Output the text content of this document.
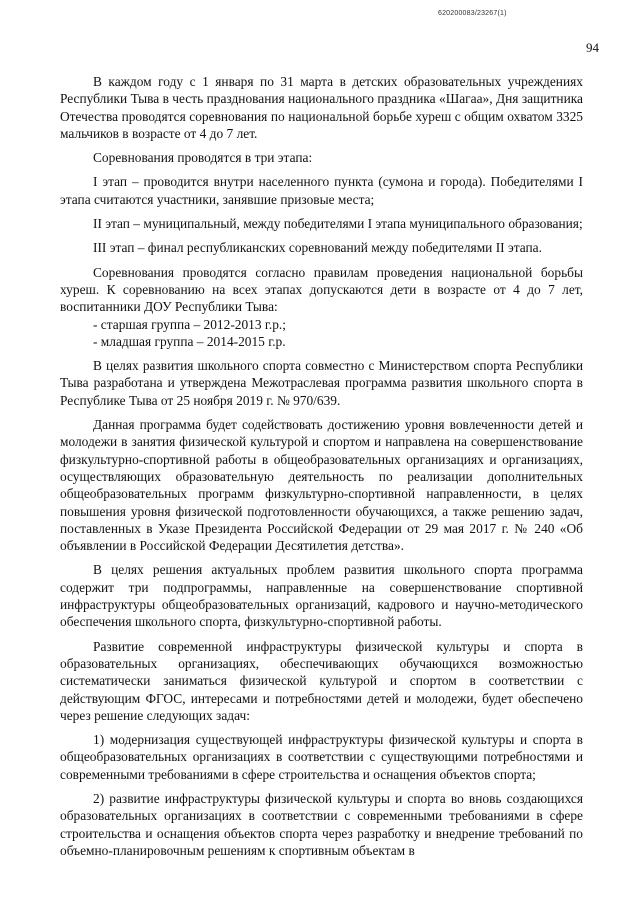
620200083/23267(1)
94

В каждом году с 1 января по 31 марта в детских образовательных учреждениях Республики Тыва в честь празднования национального праздника «Шагаа», Дня защитника Отечества проводятся соревнования по национальной борьбе хуреш с общим охватом 3325 мальчиков в возрасте от 4 до 7 лет.

Соревнования проводятся в три этапа:

I этап – проводится внутри населенного пункта (сумона и города). Победителями I этапа считаются участники, занявшие призовые места;

II этап – муниципальный, между победителями I этапа муниципального образования;

III этап – финал республиканских соревнований между победителями II этапа.

Соревнования проводятся согласно правилам проведения национальной борьбы хуреш. К соревнованию на всех этапах допускаются дети в возрасте от 4 до 7 лет, воспитанники ДОУ Республики Тыва:

- старшая группа – 2012-2013 г.р.;

- младшая группа – 2014-2015 г.р.

В целях развития школьного спорта совместно с Министерством спорта Республики Тыва разработана и утверждена Межотраслевая программа развития школьного спорта в Республике Тыва от 25 ноября 2019 г. № 970/639.

Данная программа будет содействовать достижению уровня вовлеченности детей и молодежи в занятия физической культурой и спортом и направлена на совершенствование физкультурно-спортивной работы в общеобразовательных организациях и организациях, осуществляющих образовательную деятельность по реализации дополнительных общеобразовательных программ физкультурно-спортивной направленности, в целях повышения уровня физической подготовленности обучающихся, а также решению задач, поставленных в Указе Президента Российской Федерации от 29 мая 2017 г. № 240 «Об объявлении в Российской Федерации Десятилетия детства».

В целях решения актуальных проблем развития школьного спорта программа содержит три подпрограммы, направленные на совершенствование спортивной инфраструктуры общеобразовательных организаций, кадрового и научно-методического обеспечения школьного спорта, физкультурно-спортивной работы.

Развитие современной инфраструктуры физической культуры и спорта в образовательных организациях, обеспечивающих обучающихся возможностью систематически заниматься физической культурой и спортом в соответствии с действующим ФГОС, интересами и потребностями детей и молодежи, будет обеспечено через решение следующих задач:

1) модернизация существующей инфраструктуры физической культуры и спорта в общеобразовательных организациях в соответствии с существующими потребностями и современными требованиями в сфере строительства и оснащения объектов спорта;

2) развитие инфраструктуры физической культуры и спорта во вновь создающихся образовательных организациях в соответствии с современными требованиями в сфере строительства и оснащения объектов спорта через разработку и внедрение требований по объемно-планировочным решениям к спортивным объектам в
